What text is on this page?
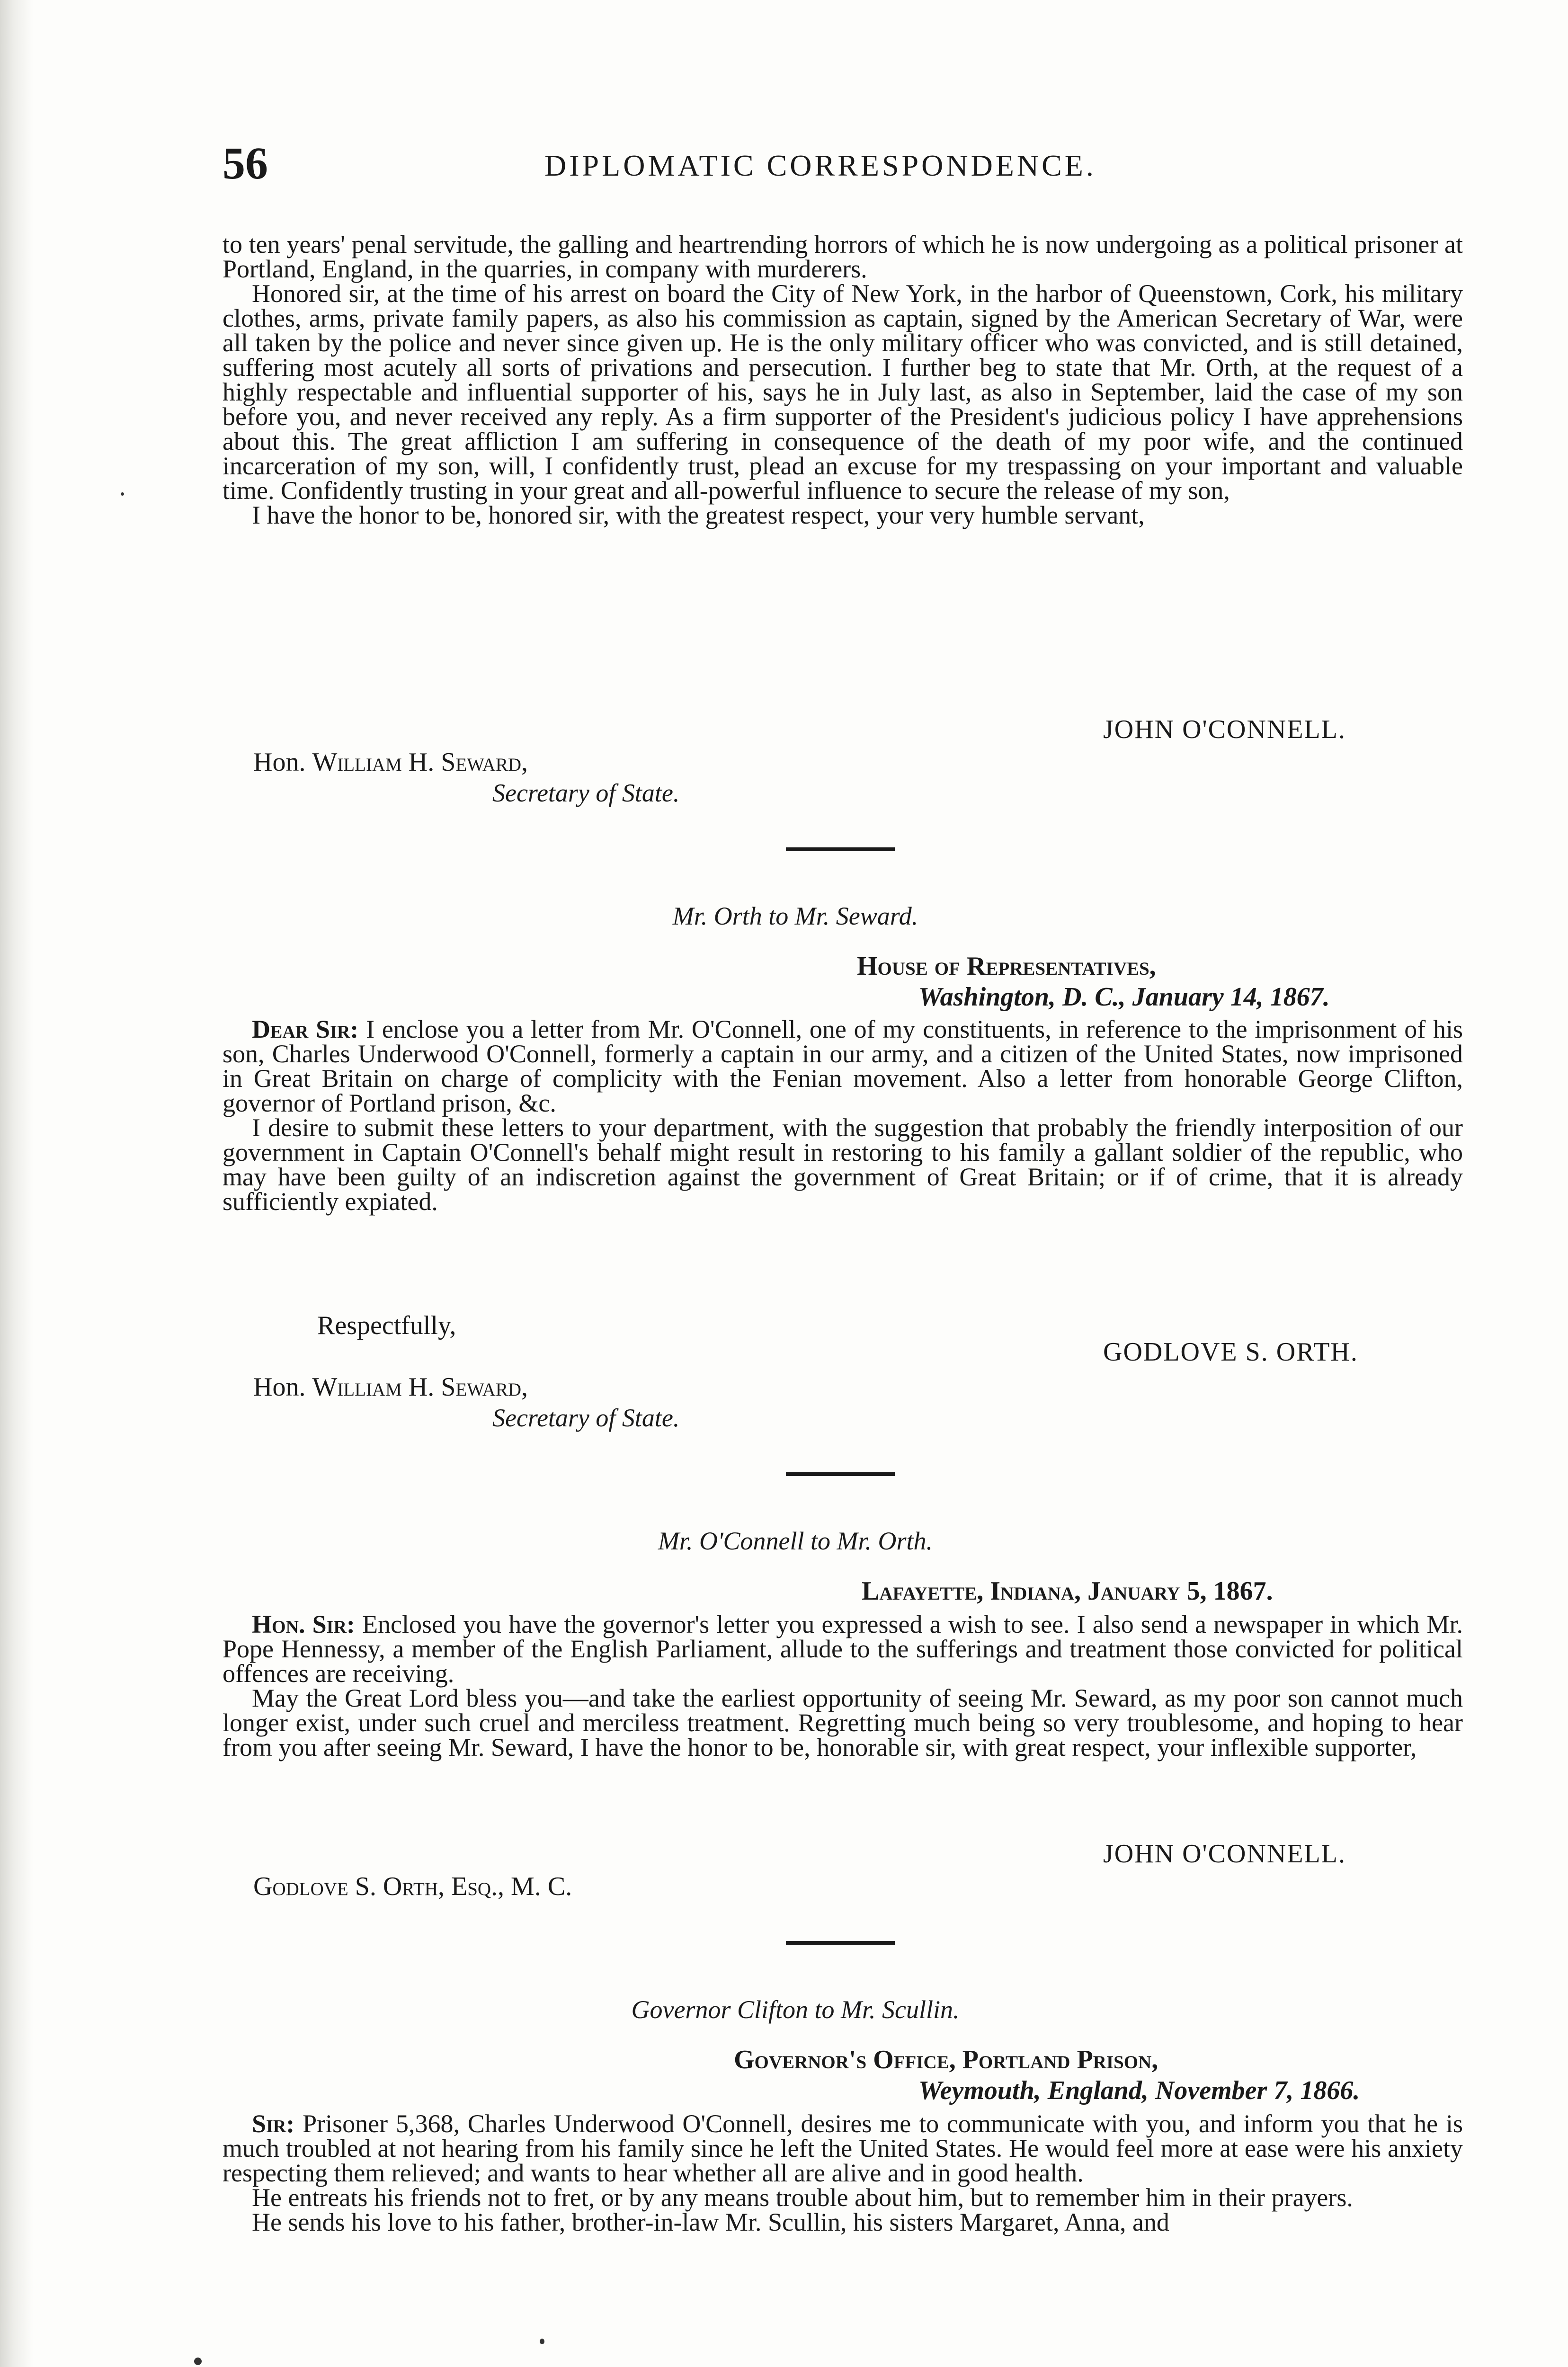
56	DIPLOMATIC CORRESPONDENCE.

to ten years' penal servitude, the galling and heartrending horrors of which he is now undergoing as a political prisoner at Portland, England, in the quarries, in company with murderers.

Honored sir, at the time of his arrest on board the City of New York, in the harbor of Queenstown, Cork, his military clothes, arms, private family papers, as also his commission as captain, signed by the American Secretary of War, were all taken by the police and never since given up. He is the only military officer who was convicted, and is still detained, suffering most acutely all sorts of privations and persecution. I further beg to state that Mr. Orth, at the request of a highly respectable and influential supporter of his, says he in July last, as also in September, laid the case of my son before you, and never received any reply. As a firm supporter of the President's judicious policy I have apprehensions about this. The great affliction I am suffering in consequence of the death of my poor wife, and the continued incarceration of my son, will, I confidently trust, plead an excuse for my trespassing on your important and valuable time. Confidently trusting in your great and all-powerful influence to secure the release of my son,

I have the honor to be, honored sir, with the greatest respect, your very humble servant,

JOHN O'CONNELL.
Hon. William H. Seward,
Secretary of State.
Mr. Orth to Mr. Seward.
House of Representatives,
Washington, D. C., January 14, 1867.

Dear Sir: I enclose you a letter from Mr. O'Connell, one of my constituents, in reference to the imprisonment of his son, Charles Underwood O'Connell, formerly a captain in our army, and a citizen of the United States, now imprisoned in Great Britain on charge of complicity with the Fenian movement. Also a letter from honorable George Clifton, governor of Portland prison, &c.

I desire to submit these letters to your department, with the suggestion that probably the friendly interposition of our government in Captain O'Connell's behalf might result in restoring to his family a gallant soldier of the republic, who may have been guilty of an indiscretion against the government of Great Britain; or if of crime, that it is already sufficiently expiated.

Respectfully,
GODLOVE S. ORTH.
Hon. William H. Seward,
Secretary of State.
Mr. O'Connell to Mr. Orth.
Lafayette, Indiana, January 5, 1867.

Hon. Sir: Enclosed you have the governor's letter you expressed a wish to see. I also send a newspaper in which Mr. Pope Hennessy, a member of the English Parliament, allude to the sufferings and treatment those convicted for political offences are receiving.

May the Great Lord bless you—and take the earliest opportunity of seeing Mr. Seward, as my poor son cannot much longer exist, under such cruel and merciless treatment. Regretting much being so very troublesome, and hoping to hear from you after seeing Mr. Seward, I have the honor to be, honorable sir, with great respect, your inflexible supporter,

JOHN O'CONNELL.
Godlove S. Orth, Esq., M. C.
Governor Clifton to Mr. Scullin.
Governor's Office, Portland Prison,
Weymouth, England, November 7, 1866.

Sir: Prisoner 5,368, Charles Underwood O'Connell, desires me to communicate with you, and inform you that he is much troubled at not hearing from his family since he left the United States. He would feel more at ease were his anxiety respecting them relieved; and wants to hear whether all are alive and in good health.

He entreats his friends not to fret, or by any means trouble about him, but to remember him in their prayers.

He sends his love to his father, brother-in-law Mr. Scullin, his sisters Margaret, Anna, and
